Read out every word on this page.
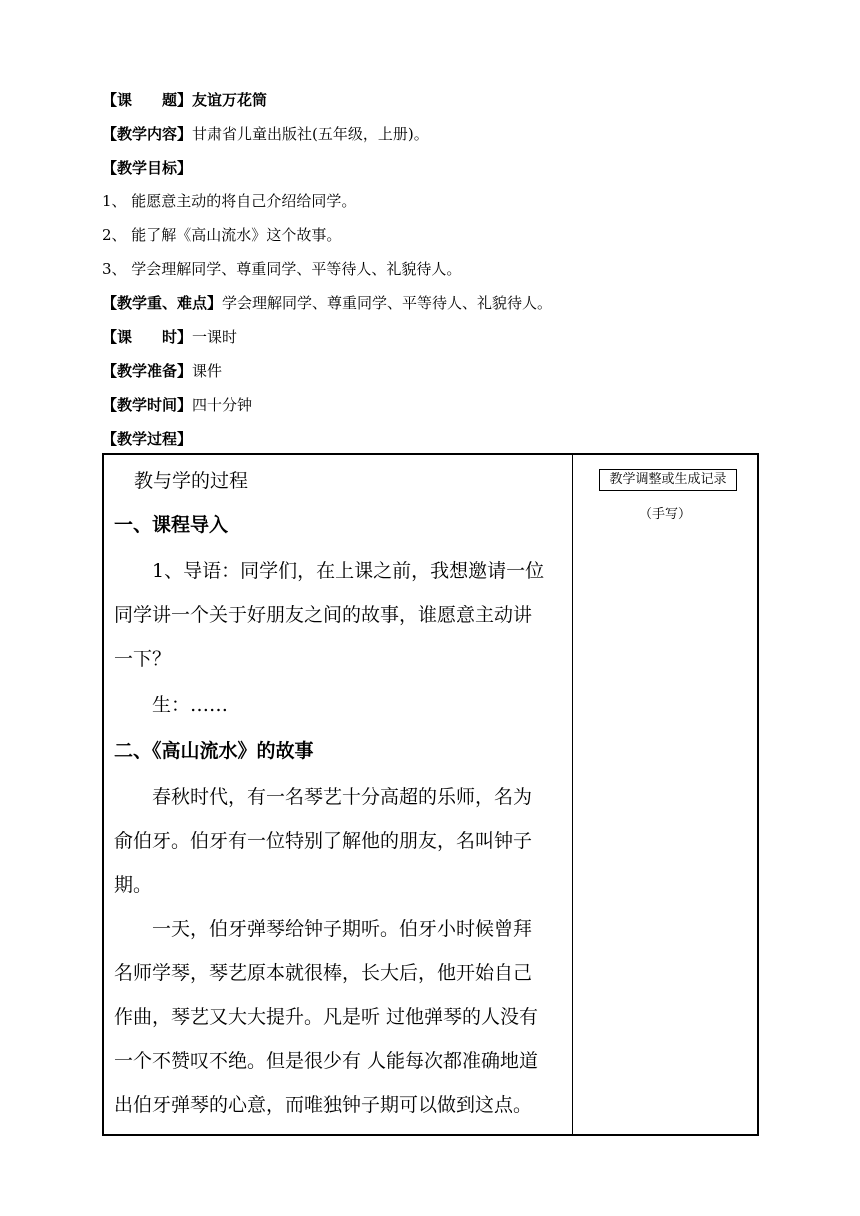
【课　　题】友谊万花筒
【教学内容】甘肃省儿童出版社(五年级，上册)。
【教学目标】
1、 能愿意主动的将自己介绍给同学。
2、 能了解《高山流水》这个故事。
3、 学会理解同学、尊重同学、平等待人、礼貌待人。
【教学重、难点】学会理解同学、尊重同学、平等待人、礼貌待人。
【课　　时】一课时
【教学准备】课件
【教学时间】四十分钟
【教学过程】
教与学的过程
一、课程导入
1、导语：同学们，在上课之前，我想邀请一位
同学讲一个关于好朋友之间的故事，谁愿意主动讲
一下？
生：……
二、《高山流水》的故事
春秋时代，有一名琴艺十分高超的乐师，名为
俞伯牙。伯牙有一位特别了解他的朋友，名叫钟子
期。
一天，伯牙弹琴给钟子期听。伯牙小时候曾拜
名师学琴，琴艺原本就很棒，长大后，他开始自己
作曲，琴艺又大大提升。凡是听 过他弹琴的人没有
一个不赞叹不绝。但是很少有 人能每次都准确地道
出伯牙弹琴的心意，而唯独钟子期可以做到这点。

教学调整或生成记录
（手写）
